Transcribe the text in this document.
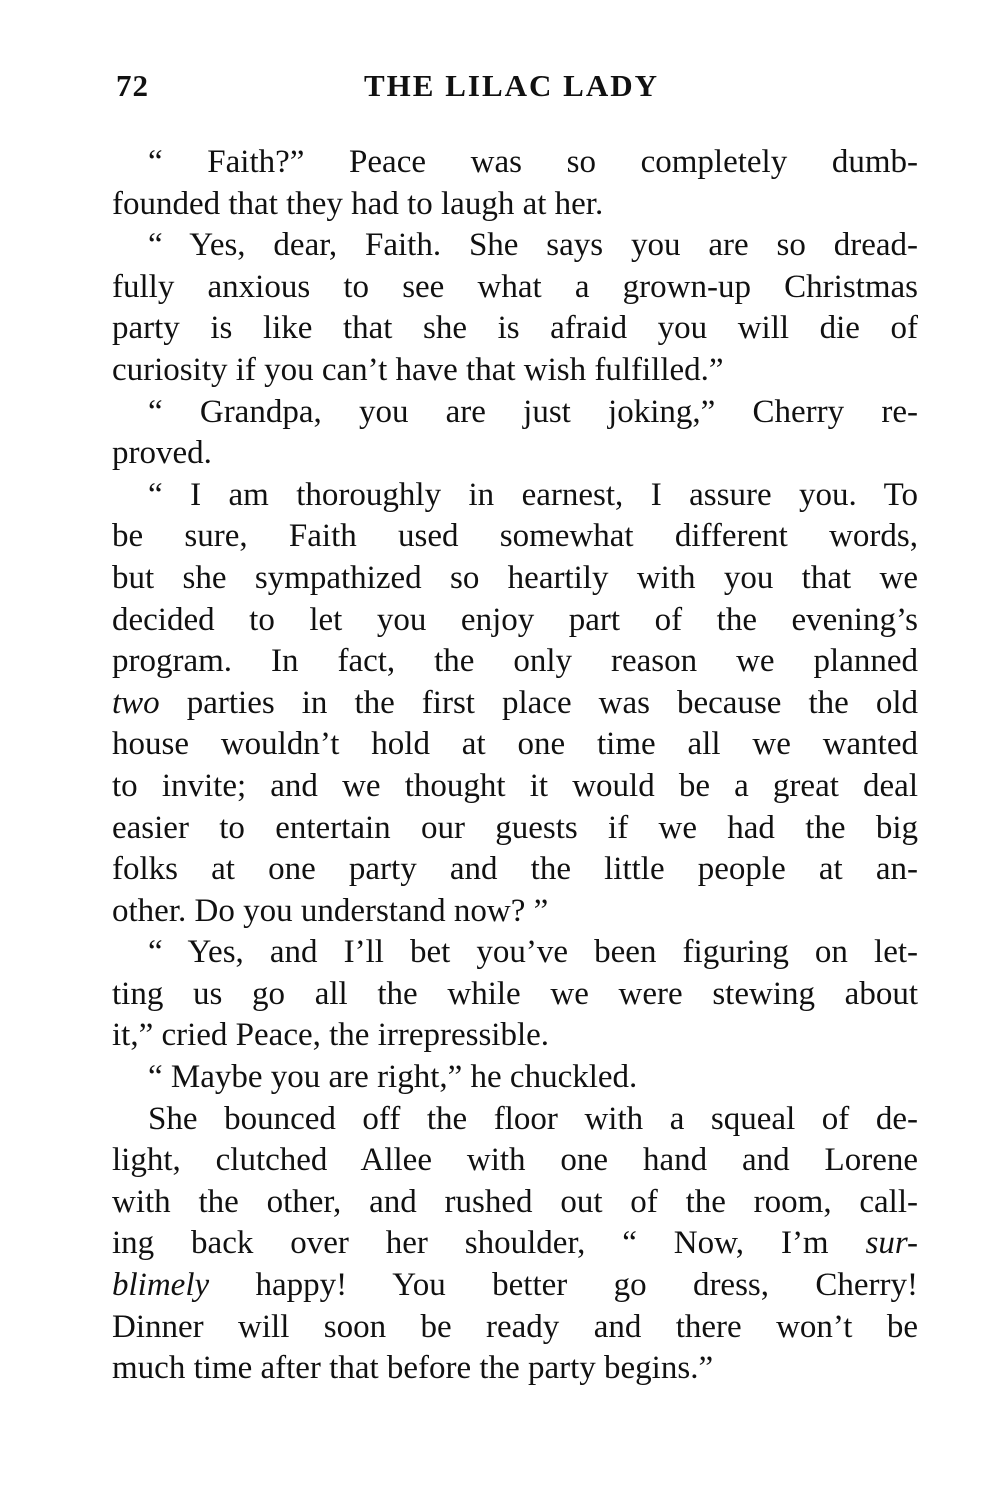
72	THE LILAC LADY
“ Faith?” Peace was so completely dumb-
founded that they had to laugh at her.
“ Yes, dear, Faith. She says you are so dread-
fully anxious to see what a grown-up Christmas
party is like that she is afraid you will die of
curiosity if you can’t have that wish fulfilled.”
“ Grandpa, you are just joking,” Cherry re-
proved.
“ I am thoroughly in earnest, I assure you. To
be sure, Faith used somewhat different words,
but she sympathized so heartily with you that we
decided to let you enjoy part of the evening’s
program. In fact, the only reason we planned
two parties in the first place was because the old
house wouldn’t hold at one time all we wanted
to invite; and we thought it would be a great deal
easier to entertain our guests if we had the big
folks at one party and the little people at an-
other. Do you understand now? ”
“ Yes, and I’ll bet you’ve been figuring on let-
ting us go all the while we were stewing about
it,” cried Peace, the irrepressible.
“ Maybe you are right,” he chuckled.
She bounced off the floor with a squeal of de-
light, clutched Allee with one hand and Lorene
with the other, and rushed out of the room, call-
ing back over her shoulder, “ Now, I’m sur-
blimely happy! You better go dress, Cherry!
Dinner will soon be ready and there won’t be
much time after that before the party begins.”
